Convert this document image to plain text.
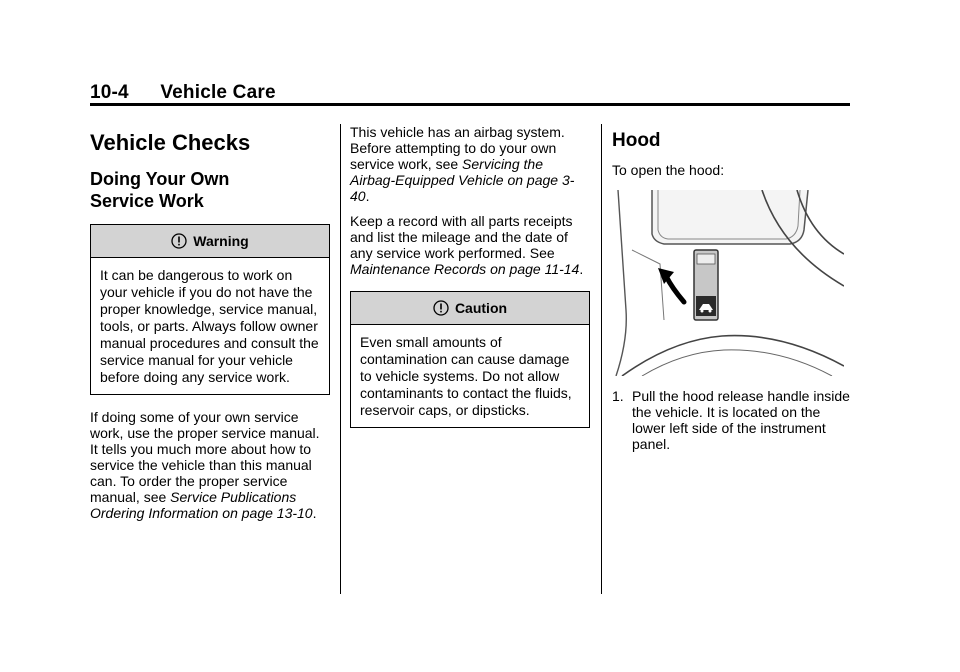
10-4 Vehicle Care
Vehicle Checks
Doing Your Own
Service Work
Warning
It can be dangerous to work on your vehicle if you do not have the proper knowledge, service manual, tools, or parts. Always follow owner manual procedures and consult the service manual for your vehicle before doing any service work.

If doing some of your own service work, use the proper service manual. It tells you much more about how to service the vehicle than this manual can. To order the proper service manual, see Service Publications Ordering Information on page 13-10.

This vehicle has an airbag system. Before attempting to do your own service work, see Servicing the Airbag-Equipped Vehicle on page 3-40.

Keep a record with all parts receipts and list the mileage and the date of any service work performed. See Maintenance Records on page 11-14.

Caution
Even small amounts of contamination can cause damage to vehicle systems. Do not allow contaminants to contact the fluids, reservoir caps, or dipsticks.
Hood

To open the hood:

1. Pull the hood release handle inside the vehicle. It is located on the lower left side of the instrument panel.
